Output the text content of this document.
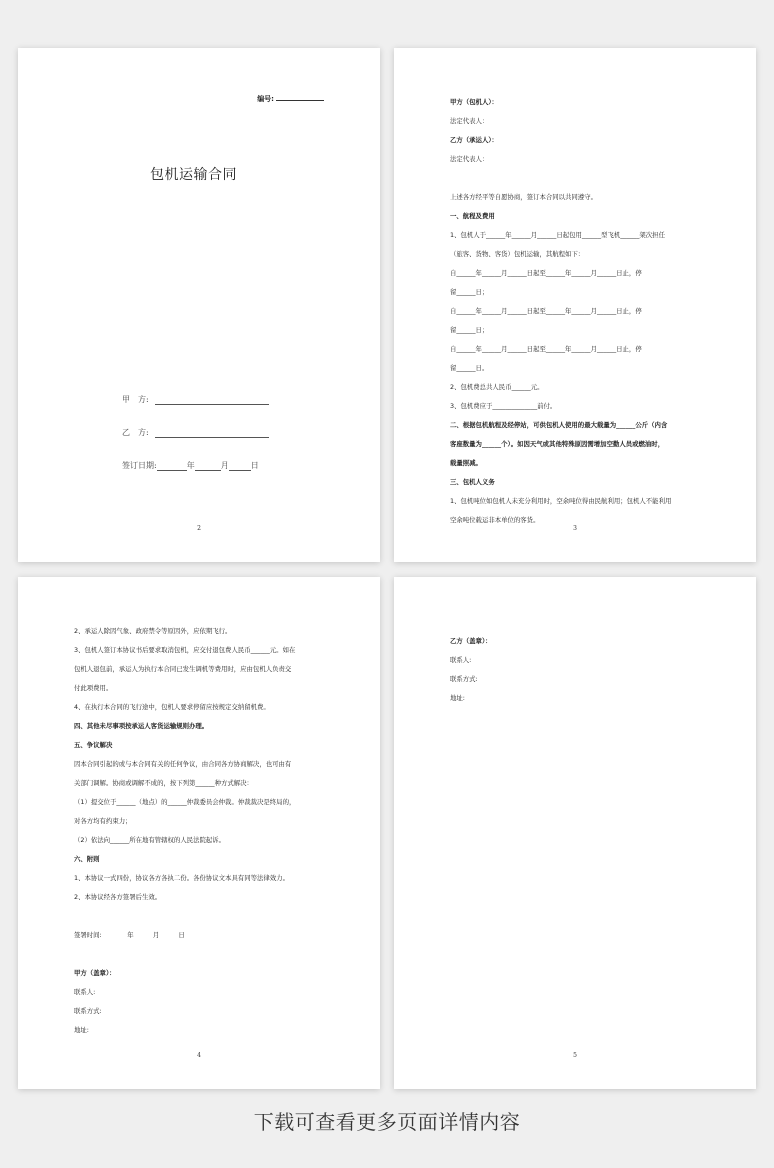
编号:
包机运输合同
甲　方:
乙　方:
签订日期:	年	月	日
2
甲方（包机人）：
法定代表人：
乙方（承运人）：
法定代表人：

上述各方经平等自愿协商，签订本合同以共同遵守。
一、航程及费用
1、包机人于______年______月______日起包用______型飞机______架次担任
（旅客、货物、客货）包机运输，其航程如下：
自______年______月______日起至______年______月______日止，停
留______日；
自______年______月______日起至______年______月______日止，停
留______日；
自______年______月______日起至______年______月______日止，停
留______日。
2、包机费总共人民币______元。
3、包机费应于______________前付。
二、根据包机航程及经停站，可供包机人使用的最大载量为______公斤（内含
客座数量为______个）。如因天气或其他特殊原因需增加空勤人员或燃油时，
载量照减。
三、包机人义务
1、包机吨位如包机人未充分利用时，空余吨位得由民航利用；包机人不能利用
空余吨位载运非本单位的客货。
3
2、承运人除因气象、政府禁令等原因外，应依期飞行。
3、包机人签订本协议书后要求取消包机，应交付退包费人民币______元。如在
包机人退包前，承运人为执行本合同已发生调机等费用时，应由包机人负责交
付此项费用。
4、在执行本合同的飞行途中，包机人要求停留应按规定交纳留机费。
四、其他未尽事项按承运人客货运输规则办理。
五、争议解决
因本合同引起的或与本合同有关的任何争议，由合同各方协商解决，也可由有
关部门调解。协商或调解不成的，按下列第______种方式解决：
（1）提交位于______（地点）的______仲裁委员会仲裁。仲裁裁决是终局的，
对各方均有约束力；
（2）依法向______所在地有管辖权的人民法院起诉。
六、附则
1、本协议一式四份，协议各方各执二份。各份协议文本具有同等法律效力。
2、本协议经各方签署后生效。

签署时间:　　　　年　　　月　　　日

甲方（盖章）：
联系人:
联系方式:
地址:
4
乙方（盖章）：
联系人:
联系方式:
地址:
5
下载可查看更多页面详情内容
